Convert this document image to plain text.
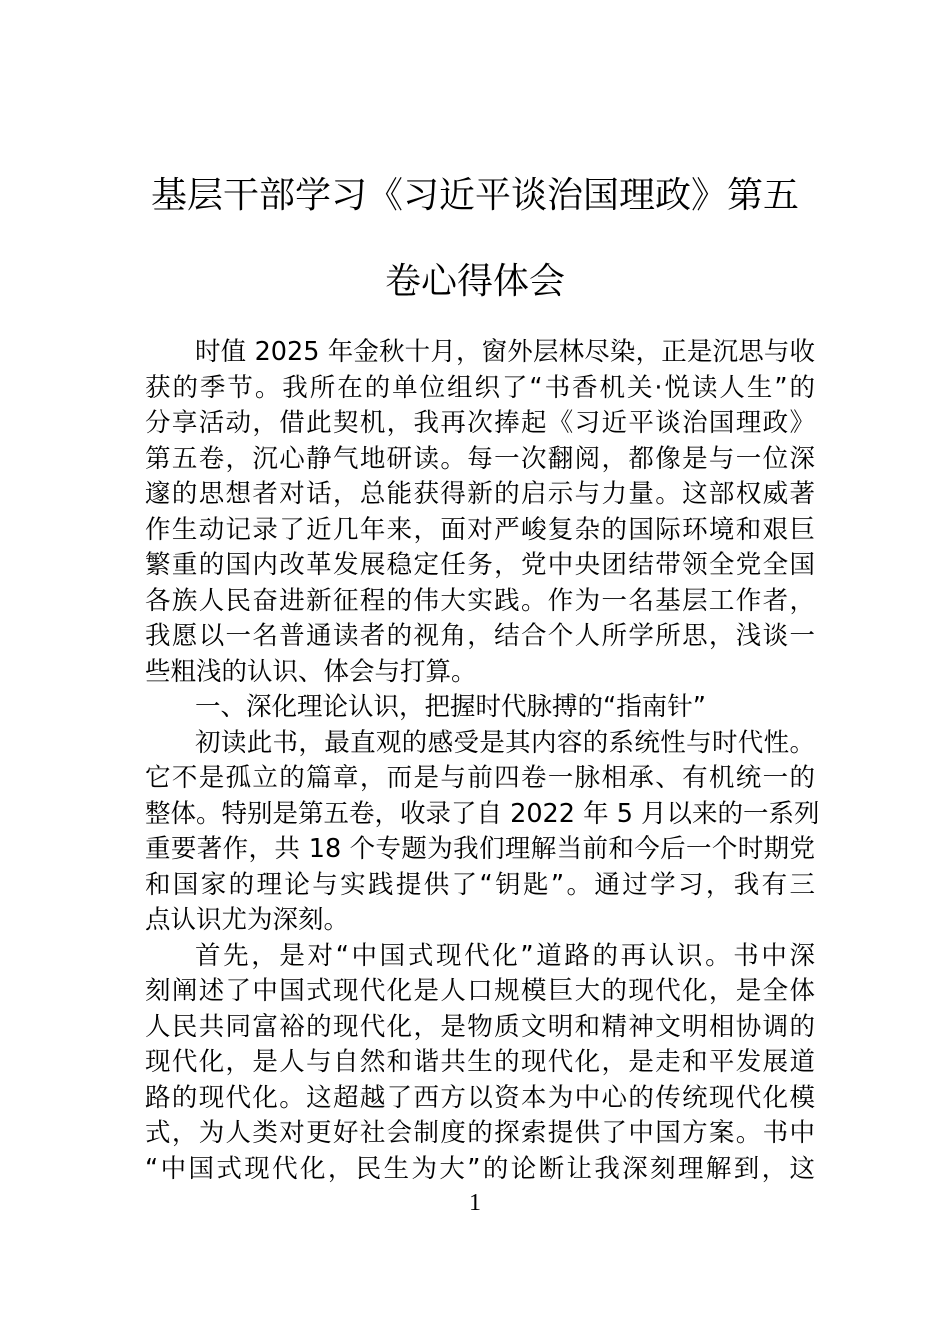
基层干部学习《习近平谈治国理政》第五
卷心得体会
时值 2025 年金秋十月，窗外层林尽染，正是沉思与收
获的季节。我所在的单位组织了“书香机关·悦读人生”的
分享活动，借此契机，我再次捧起《习近平谈治国理政》
第五卷，沉心静气地研读。每一次翻阅，都像是与一位深
邃的思想者对话，总能获得新的启示与力量。这部权威著
作生动记录了近几年来，面对严峻复杂的国际环境和艰巨
繁重的国内改革发展稳定任务，党中央团结带领全党全国
各族人民奋进新征程的伟大实践。作为一名基层工作者，
我愿以一名普通读者的视角，结合个人所学所思，浅谈一
些粗浅的认识、体会与打算。
一、深化理论认识，把握时代脉搏的“指南针”
初读此书，最直观的感受是其内容的系统性与时代性。
它不是孤立的篇章，而是与前四卷一脉相承、有机统一的
整体。特别是第五卷，收录了自 2022 年 5 月以来的一系列
重要著作，共 18 个专题为我们理解当前和今后一个时期党
和国家的理论与实践提供了“钥匙”。通过学习，我有三
点认识尤为深刻。
首先，是对“中国式现代化”道路的再认识。书中深
刻阐述了中国式现代化是人口规模巨大的现代化，是全体
人民共同富裕的现代化，是物质文明和精神文明相协调的
现代化，是人与自然和谐共生的现代化，是走和平发展道
路的现代化。这超越了西方以资本为中心的传统现代化模
式，为人类对更好社会制度的探索提供了中国方案。书中
“中国式现代化，民生为大”的论断让我深刻理解到，这
1
